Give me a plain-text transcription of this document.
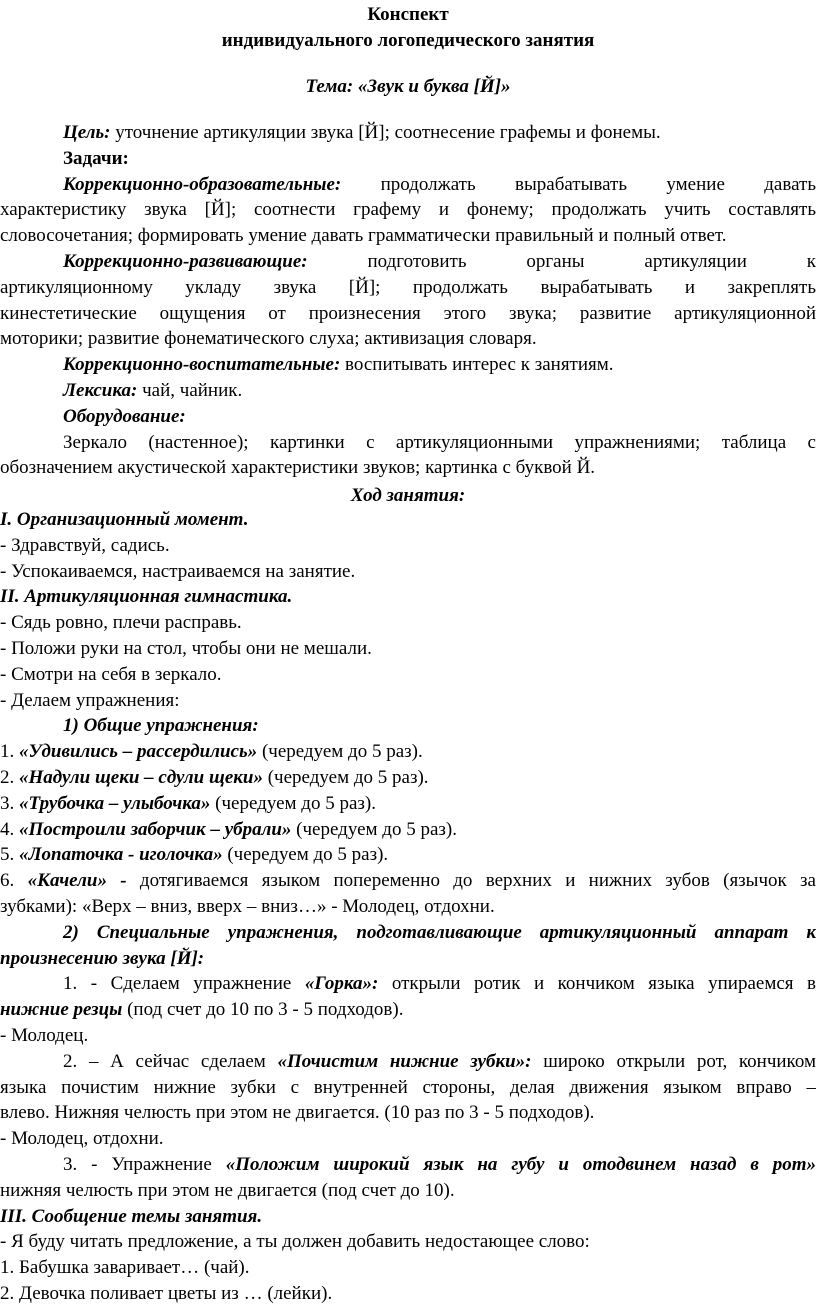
Конспект

индивидуального логопедического занятия

Тема: «Звук и буква [Й]»

Цель: уточнение артикуляции звука [Й]; соотнесение графемы и фонемы.

Задачи:

Коррекционно-образовательные: продолжать вырабатывать умение давать

характеристику звука [Й]; соотнести графему и фонему; продолжать учить составлять

словосочетания; формировать умение давать грамматически правильный и полный ответ.

Коррекционно-развивающие: подготовить органы артикуляции к

артикуляционному укладу звука [Й]; продолжать вырабатывать и закреплять

кинестетические ощущения от произнесения этого звука; развитие артикуляционной

моторики; развитие фонематического слуха; активизация словаря.

Коррекционно-воспитательные: воспитывать интерес к занятиям.

Лексика: чай, чайник.

Оборудование:

Зеркало (настенное); картинки с артикуляционными упражнениями; таблица с

обозначением акустической характеристики звуков; картинка с буквой Й.

Ход занятия:

I. Организационный момент.

- Здравствуй, садись.

- Успокаиваемся, настраиваемся на занятие.

II. Артикуляционная гимнастика.

- Сядь ровно, плечи расправь.

- Положи руки на стол, чтобы они не мешали.

- Смотри на себя в зеркало.

- Делаем упражнения:

1) Общие упражнения:

1. «Удивились – рассердились» (чередуем до 5 раз).

2. «Надули щеки – сдули щеки» (чередуем до 5 раз).

3. «Трубочка – улыбочка» (чередуем до 5 раз).

4. «Построили заборчик – убрали» (чередуем до 5 раз).

5. «Лопаточка - иголочка» (чередуем до 5 раз).

6. «Качели» - дотягиваемся языком попеременно до верхних и нижних зубов (язычок за

зубками): «Верх – вниз, вверх – вниз…» - Молодец, отдохни.

2) Специальные упражнения, подготавливающие артикуляционный аппарат к

произнесению звука [Й]:

1. - Сделаем упражнение «Горка»: открыли ротик и кончиком языка упираемся в

нижние резцы (под счет до 10 по 3 - 5 подходов).

- Молодец.

2. – А сейчас сделаем «Почистим нижние зубки»: широко открыли рот, кончиком

языка почистим нижние зубки с внутренней стороны, делая движения языком вправо –

влево. Нижняя челюсть при этом не двигается. (10 раз по 3 - 5 подходов).

- Молодец, отдохни.

3. - Упражнение «Положим широкий язык на губу и отодвинем назад в рот»

нижняя челюсть при этом не двигается (под счет до 10).

III. Сообщение темы занятия.

- Я буду читать предложение, а ты должен добавить недостающее слово:

1. Бабушка заваривает… (чай).

2. Девочка поливает цветы из … (лейки).
